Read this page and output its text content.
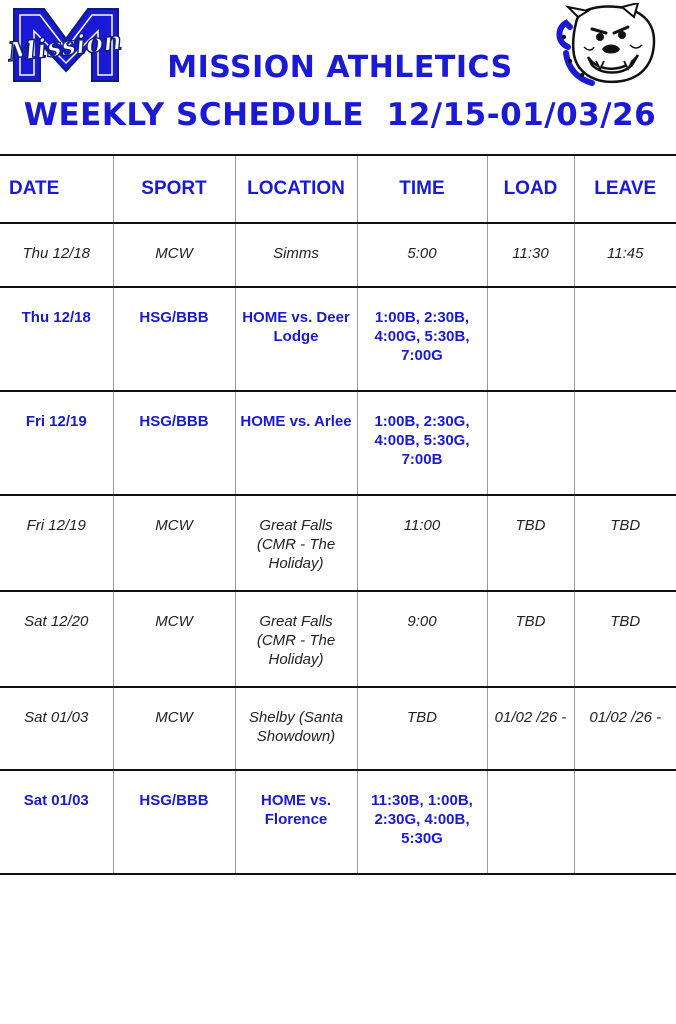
Mission	MISSION ATHLETICS
WEEKLY SCHEDULE  12/15-01/03/26
DATE	SPORT	LOCATION	TIME	LOAD	LEAVE
Thu 12/18	MCW	Simms	5:00	11:30	11:45
Thu 12/18	HSG/BBB	HOME vs. Deer Lodge	1:00B, 2:30B, 4:00G, 5:30B, 7:00G		
Fri 12/19	HSG/BBB	HOME vs. Arlee	1:00B, 2:30G, 4:00B, 5:30G, 7:00B		
Fri 12/19	MCW	Great Falls (CMR - The Holiday)	11:00	TBD	TBD
Sat 12/20	MCW	Great Falls (CMR - The Holiday)	9:00	TBD	TBD
Sat 01/03	MCW	Shelby (Santa Showdown)	TBD	01/02 /26 -	01/02 /26 -
Sat 01/03	HSG/BBB	HOME vs. Florence	11:30B, 1:00B, 2:30G, 4:00B, 5:30G		
